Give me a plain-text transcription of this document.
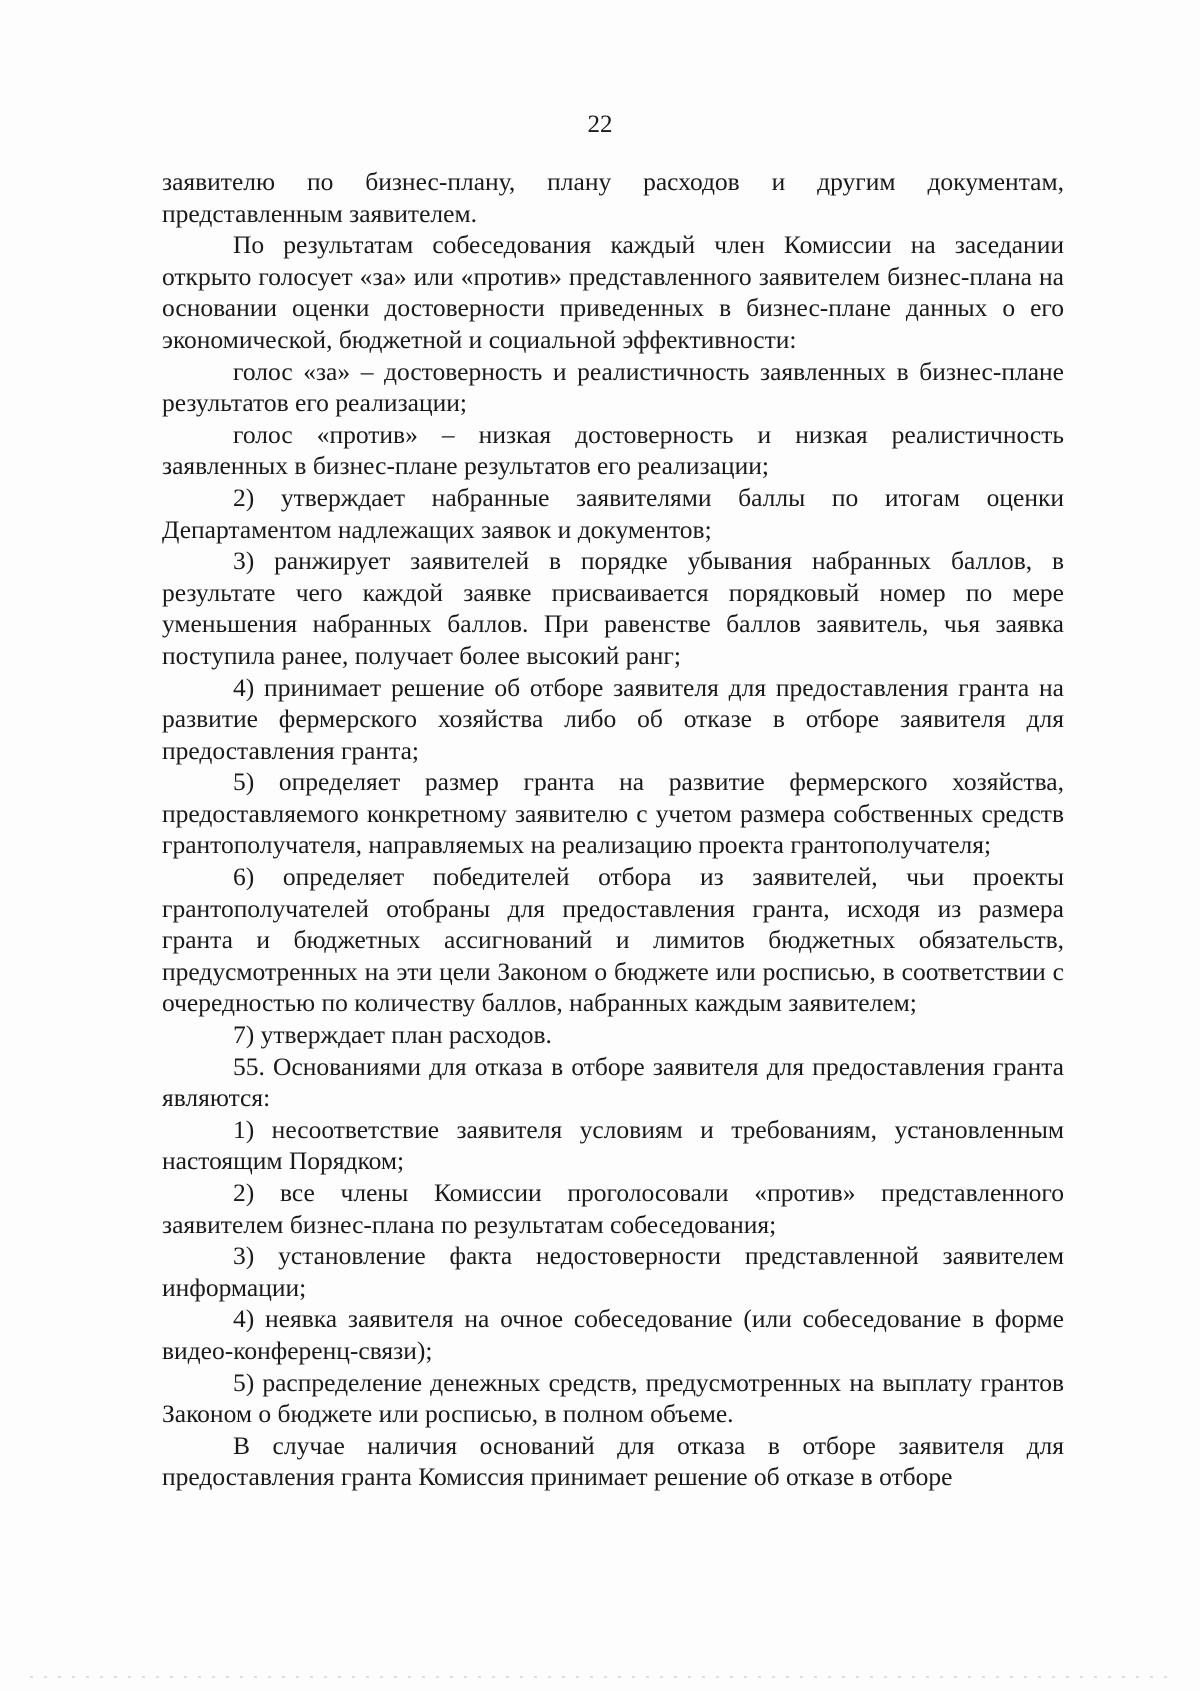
22

заявителю по бизнес-плану, плану расходов и другим документам, представленным заявителем.

По результатам собеседования каждый член Комиссии на заседании открыто голосует «за» или «против» представленного заявителем бизнес-плана на основании оценки достоверности приведенных в бизнес-плане данных о его экономической, бюджетной и социальной эффективности:

голос «за» – достоверность и реалистичность заявленных в бизнес-плане результатов его реализации;

голос «против» – низкая достоверность и низкая реалистичность заявленных в бизнес-плане результатов его реализации;

2) утверждает набранные заявителями баллы по итогам оценки Департаментом надлежащих заявок и документов;

3) ранжирует заявителей в порядке убывания набранных баллов, в результате чего каждой заявке присваивается порядковый номер по мере уменьшения набранных баллов. При равенстве баллов заявитель, чья заявка поступила ранее, получает более высокий ранг;

4) принимает решение об отборе заявителя для предоставления гранта на развитие фермерского хозяйства либо об отказе в отборе заявителя для предоставления гранта;

5) определяет размер гранта на развитие фермерского хозяйства, предоставляемого конкретному заявителю с учетом размера собственных средств грантополучателя, направляемых на реализацию проекта грантополучателя;

6) определяет победителей отбора из заявителей, чьи проекты грантополучателей отобраны для предоставления гранта, исходя из размера гранта и бюджетных ассигнований и лимитов бюджетных обязательств, предусмотренных на эти цели Законом о бюджете или росписью, в соответствии с очередностью по количеству баллов, набранных каждым заявителем;

7) утверждает план расходов.

55. Основаниями для отказа в отборе заявителя для предоставления гранта являются:

1) несоответствие заявителя условиям и требованиям, установленным настоящим Порядком;

2) все члены Комиссии проголосовали «против» представленного заявителем бизнес-плана по результатам собеседования;

3) установление факта недостоверности представленной заявителем информации;

4) неявка заявителя на очное собеседование (или собеседование в форме видео-конференц-связи);

5) распределение денежных средств, предусмотренных на выплату грантов Законом о бюджете или росписью, в полном объеме.

В случае наличия оснований для отказа в отборе заявителя для предоставления гранта Комиссия принимает решение об отказе в отборе
